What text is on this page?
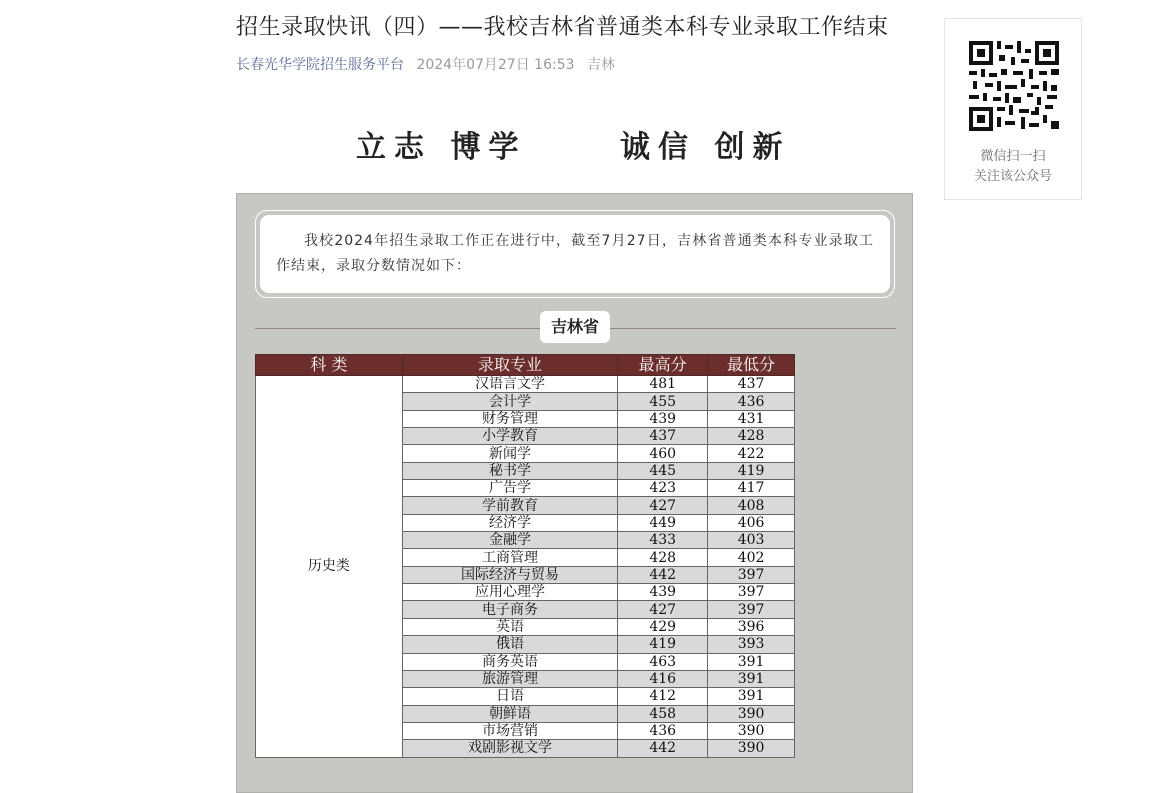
招生录取快讯（四）——我校吉林省普通类本科专业录取工作结束
长春光华学院招生服务平台 2024年07月27日 16:53 吉林
微信扫一扫
关注该公众号
立志 博学	诚信 创新
我校2024年招生录取工作正在进行中，截至7月27日，吉林省普通类本科专业录取工作结束，录取分数情况如下：
吉林省
科 类	录取专业	最高分	最低分
历史类	汉语言文学	481	437
	会计学	455	436
	财务管理	439	431
	小学教育	437	428
	新闻学	460	422
	秘书学	445	419
	广告学	423	417
	学前教育	427	408
	经济学	449	406
	金融学	433	403
	工商管理	428	402
	国际经济与贸易	442	397
	应用心理学	439	397
	电子商务	427	397
	英语	429	396
	俄语	419	393
	商务英语	463	391
	旅游管理	416	391
	日语	412	391
	朝鲜语	458	390
	市场营销	436	390
	戏剧影视文学	442	390
